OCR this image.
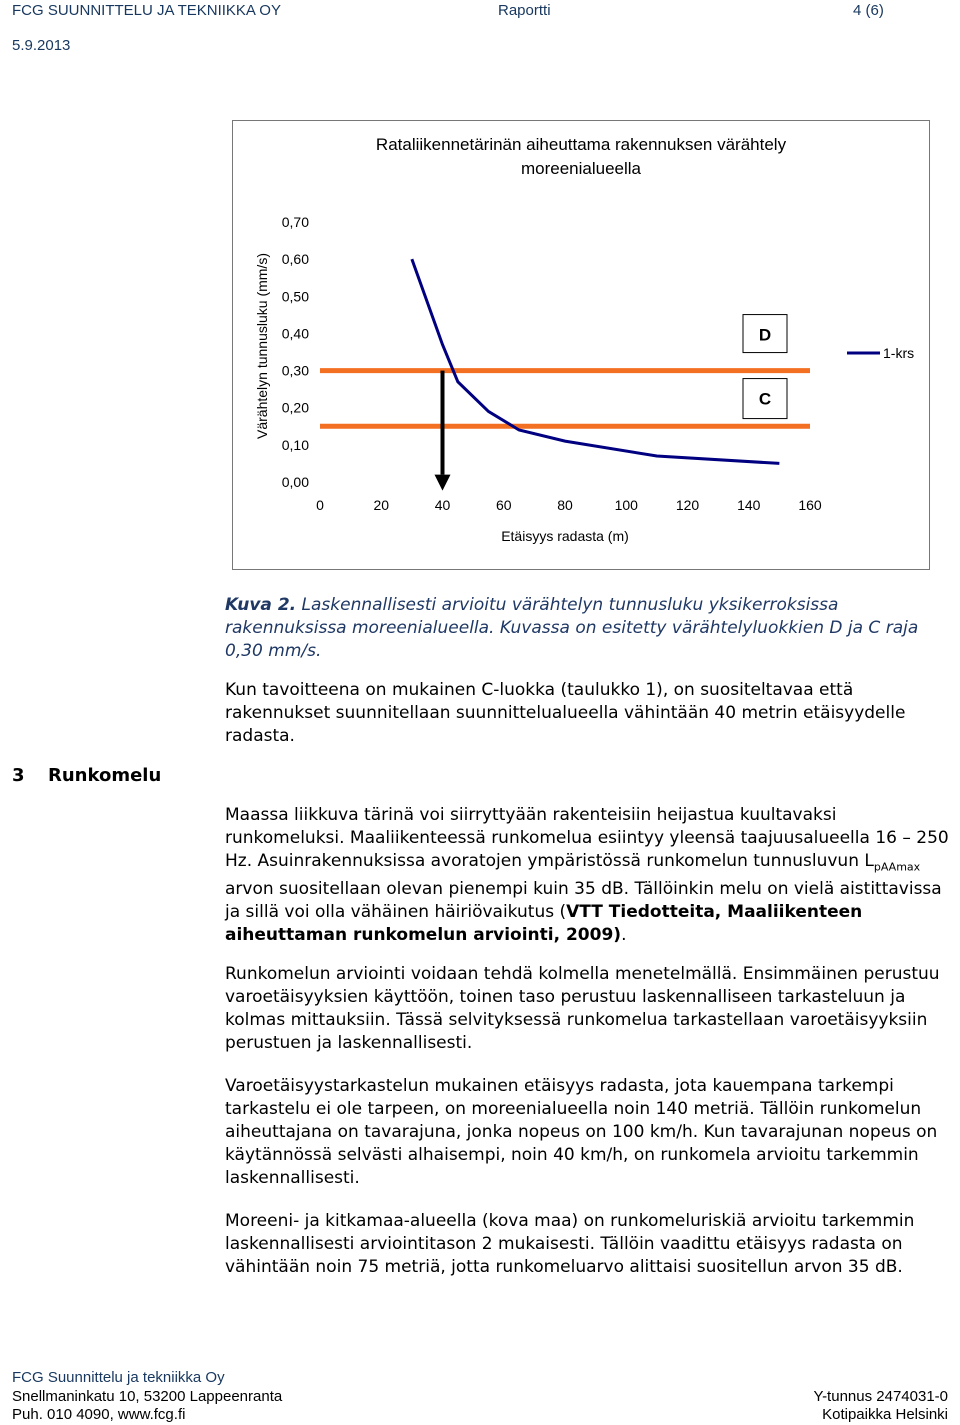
FCG SUUNNITTELU JA TEKNIIKKA OY	Raportti	4 (6)
5.9.2013
Rataliikennetärinän aiheuttama rakennuksen värähtely
moreenialueella
0,00
0,10
0,20
0,30
0,40
0,50
0,60
0,70
0	20	40	60	80	100	120	140	160
Etäisyys radasta (m)
Värähtelyn tunnusluku (mm/s)	D
C
1-krs
Kuva 2. Laskennallisesti arvioitu värähtelyn tunnusluku yksikerroksissa rakennuksissa moreenialueella. Kuvassa on esitetty värähtelyluokkien D ja C raja 0,30 mm/s.
Kun tavoitteena on mukainen C-luokka (taulukko 1), on suositeltavaa että rakennukset suunnitellaan suunnittelualueella vähintään 40 metrin etäisyydelle radasta.
3 Runkomelu
Maassa liikkuva tärinä voi siirryttyään rakenteisiin heijastua kuultavaksi runkomeluksi. Maaliikenteessä runkomelua esiintyy yleensä taajuusalueella 16 – 250 Hz. Asuinrakennuksissa avoratojen ympäristössä runkomelun tunnusluvun $L_{pAAmax}$ arvon suositellaan olevan pienempi kuin 35 dB. Tällöinkin melu on vielä aistittavissa ja sillä voi olla vähäinen häiriövaikutus (VTT Tiedotteita, Maaliikenteen aiheuttaman runkomelun arviointi, 2009).
Runkomelun arviointi voidaan tehdä kolmella menetelmällä. Ensimmäinen perustuu varoetäisyyksien käyttöön, toinen taso perustuu laskennalliseen tarkasteluun ja kolmas mittauksiin. Tässä selvityksessä runkomelua tarkastellaan varoetäisyyksiin perustuen ja laskennallisesti.
Varoetäisyystarkastelun mukainen etäisyys radasta, jota kauempana tarkempi tarkastelu ei ole tarpeen, on moreenialueella noin 140 metriä. Tällöin runkomelun aiheuttajana on tavarajuna, jonka nopeus on 100 km/h. Kun tavarajunan nopeus on käytännössä selvästi alhaisempi, noin 40 km/h, on runkomela arvioitu tarkemmin laskennallisesti.
Moreeni- ja kitkamaa-alueella (kova maa) on runkomeluriskiä arvioitu tarkemmin laskennallisesti arviointitason 2 mukaisesti. Tällöin vaadittu etäisyys radasta on vähintään noin 75 metriä, jotta runkomeluarvo alittaisi suositellun arvon 35 dB.
FCG Suunnittelu ja tekniikka Oy
Snellmaninkatu 10, 53200 Lappeenranta
Puh. 010 4090, www.fcg.fi
Y-tunnus 2474031-0
Kotipaikka Helsinki
